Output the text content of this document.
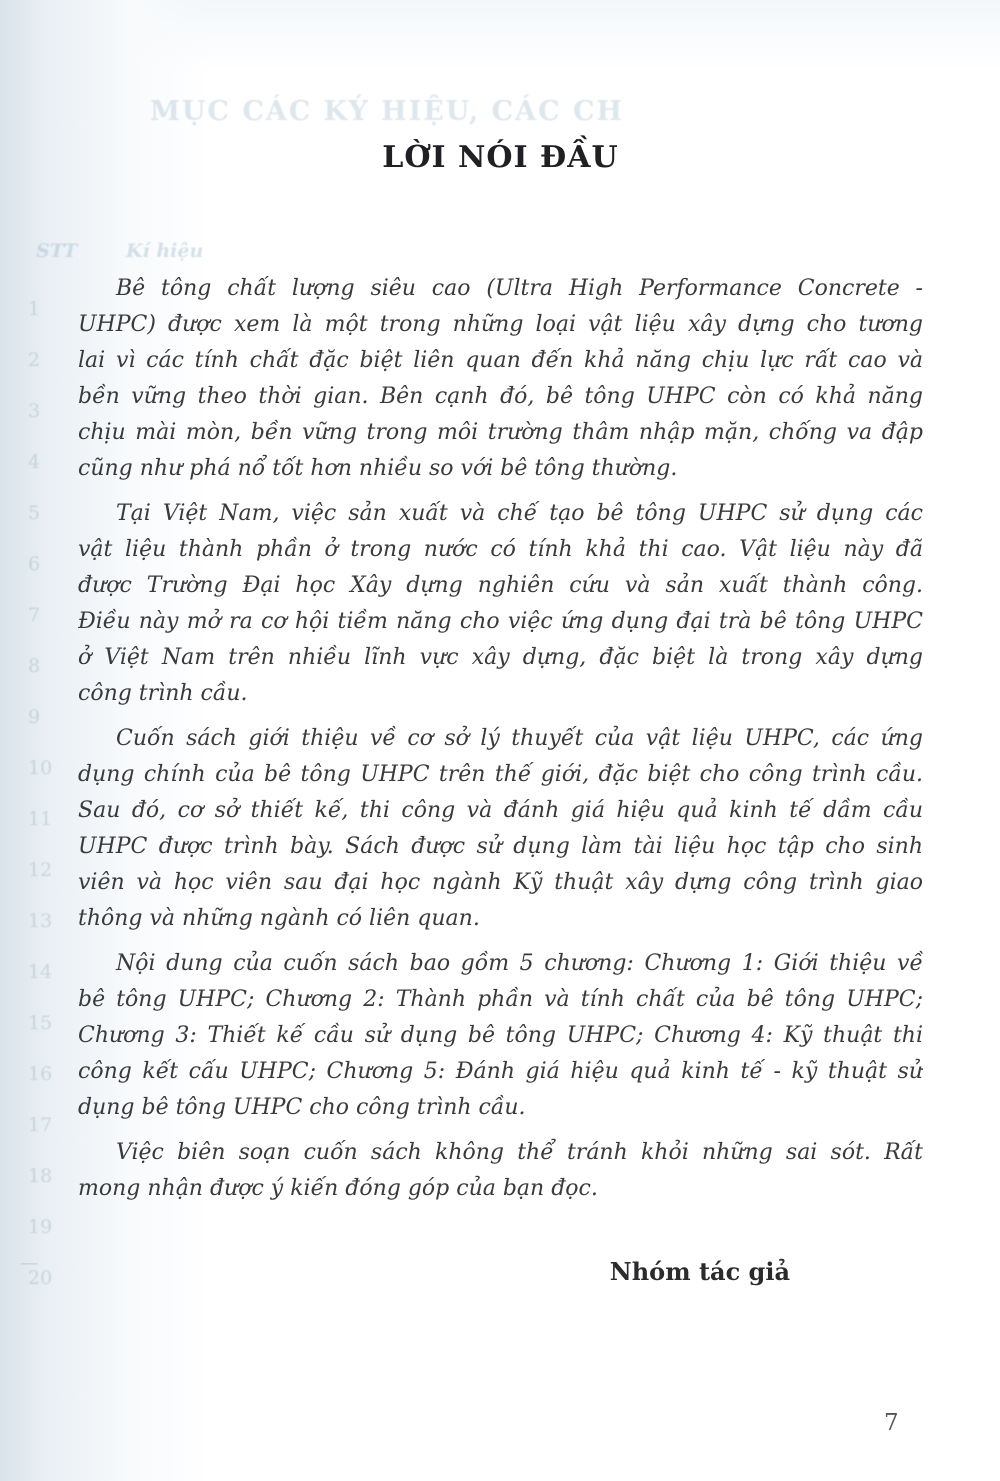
MỤC CÁC KÝ HIỆU, CÁC CH
STT	Kí hiệu
1
2
3
4
5
6
7
8
9
10
11
12
13
14
15
16
17
18
19
20
—
LỜI NÓI ĐẦU
Bê tông chất lượng siêu cao (Ultra High Performance Concrete -
UHPC) được xem là một trong những loại vật liệu xây dựng cho tương
lai vì các tính chất đặc biệt liên quan đến khả năng chịu lực rất cao và
bền vững theo thời gian. Bên cạnh đó, bê tông UHPC còn có khả năng
chịu mài mòn, bền vững trong môi trường thâm nhập mặn, chống va đập
cũng như phá nổ tốt hơn nhiều so với bê tông thường.
Tại Việt Nam, việc sản xuất và chế tạo bê tông UHPC sử dụng các
vật liệu thành phần ở trong nước có tính khả thi cao. Vật liệu này đã
được Trường Đại học Xây dựng nghiên cứu và sản xuất thành công.
Điều này mở ra cơ hội tiềm năng cho việc ứng dụng đại trà bê tông UHPC
ở Việt Nam trên nhiều lĩnh vực xây dựng, đặc biệt là trong xây dựng
công trình cầu.
Cuốn sách giới thiệu về cơ sở lý thuyết của vật liệu UHPC, các ứng
dụng chính của bê tông UHPC trên thế giới, đặc biệt cho công trình cầu.
Sau đó, cơ sở thiết kế, thi công và đánh giá hiệu quả kinh tế dầm cầu
UHPC được trình bày. Sách được sử dụng làm tài liệu học tập cho sinh
viên và học viên sau đại học ngành Kỹ thuật xây dựng công trình giao
thông và những ngành có liên quan.
Nội dung của cuốn sách bao gồm 5 chương: Chương 1: Giới thiệu về
bê tông UHPC; Chương 2: Thành phần và tính chất của bê tông UHPC;
Chương 3: Thiết kế cầu sử dụng bê tông UHPC; Chương 4: Kỹ thuật thi
công kết cấu UHPC; Chương 5: Đánh giá hiệu quả kinh tế - kỹ thuật sử
dụng bê tông UHPC cho công trình cầu.
Việc biên soạn cuốn sách không thể tránh khỏi những sai sót. Rất
mong nhận được ý kiến đóng góp của bạn đọc.
Nhóm tác giả
7
